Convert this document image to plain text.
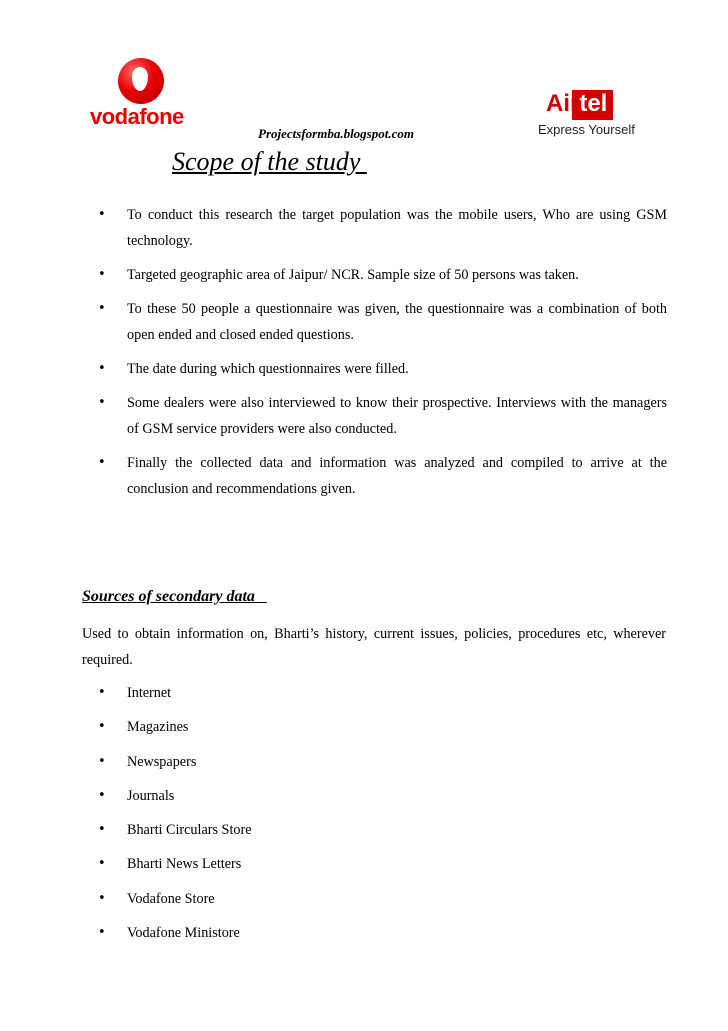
vodafone	Airtel
Express Yourself
Projectsformba.blogspot.com
Scope of the study
• To conduct this research the target population was the mobile users, Who are using GSM technology.
• Targeted geographic area of Jaipur/ NCR. Sample size of 50 persons was taken.
• To these 50 people a questionnaire was given, the questionnaire was a combination of both open ended and closed ended questions.
• The date during which questionnaires were filled.
• Some dealers were also interviewed to know their prospective. Interviews with the managers of GSM service providers were also conducted.
• Finally the collected data and information was analyzed and compiled to arrive at the conclusion and recommendations given.
Sources of secondary data
Used to obtain information on, Bharti’s history, current issues, policies, procedures etc, wherever required.
• Internet
• Magazines
• Newspapers
• Journals
• Bharti Circulars Store
• Bharti News Letters
• Vodafone Store
• Vodafone Ministore
